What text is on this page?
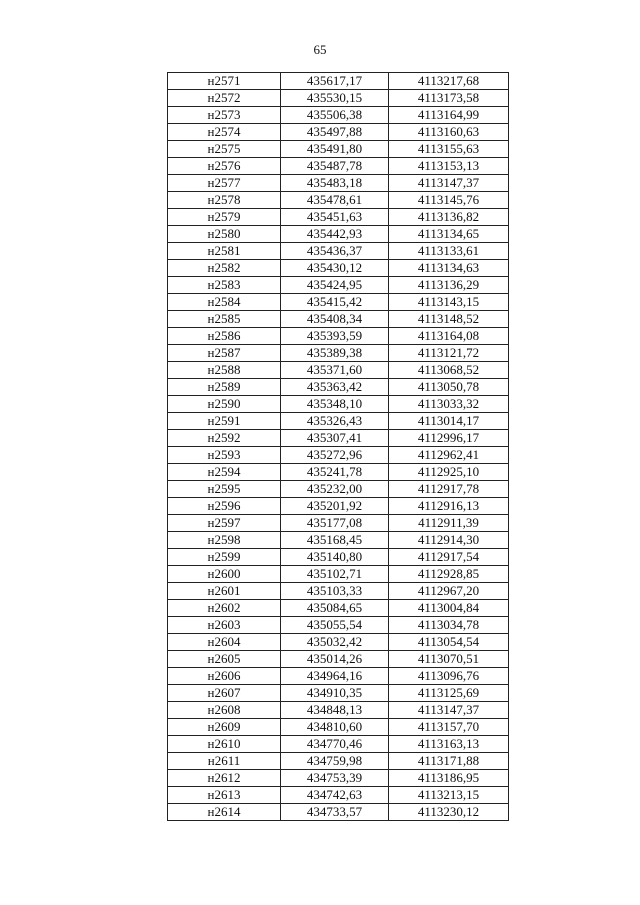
65
н2571	435617,17	4113217,68
н2572	435530,15	4113173,58
н2573	435506,38	4113164,99
н2574	435497,88	4113160,63
н2575	435491,80	4113155,63
н2576	435487,78	4113153,13
н2577	435483,18	4113147,37
н2578	435478,61	4113145,76
н2579	435451,63	4113136,82
н2580	435442,93	4113134,65
н2581	435436,37	4113133,61
н2582	435430,12	4113134,63
н2583	435424,95	4113136,29
н2584	435415,42	4113143,15
н2585	435408,34	4113148,52
н2586	435393,59	4113164,08
н2587	435389,38	4113121,72
н2588	435371,60	4113068,52
н2589	435363,42	4113050,78
н2590	435348,10	4113033,32
н2591	435326,43	4113014,17
н2592	435307,41	4112996,17
н2593	435272,96	4112962,41
н2594	435241,78	4112925,10
н2595	435232,00	4112917,78
н2596	435201,92	4112916,13
н2597	435177,08	4112911,39
н2598	435168,45	4112914,30
н2599	435140,80	4112917,54
н2600	435102,71	4112928,85
н2601	435103,33	4112967,20
н2602	435084,65	4113004,84
н2603	435055,54	4113034,78
н2604	435032,42	4113054,54
н2605	435014,26	4113070,51
н2606	434964,16	4113096,76
н2607	434910,35	4113125,69
н2608	434848,13	4113147,37
н2609	434810,60	4113157,70
н2610	434770,46	4113163,13
н2611	434759,98	4113171,88
н2612	434753,39	4113186,95
н2613	434742,63	4113213,15
н2614	434733,57	4113230,12
